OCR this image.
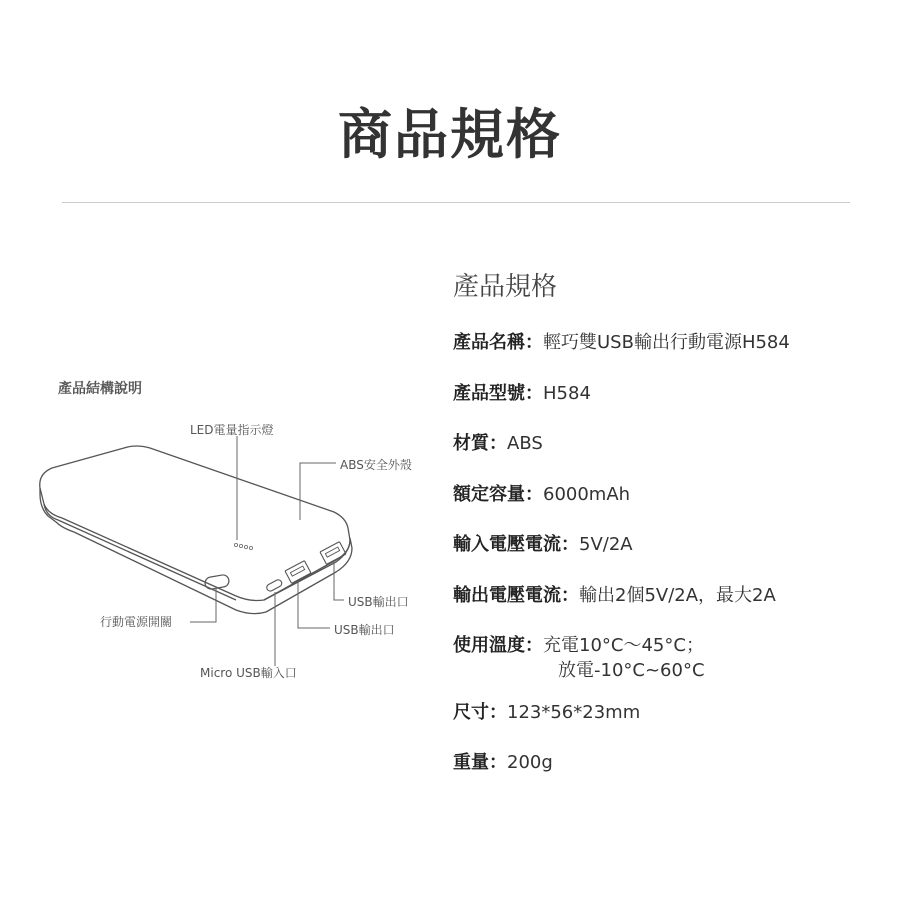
商品規格
產品結構說明
LED電量指示燈
ABS安全外殼
USB輸出口
USB輸出口
行動電源開關
Micro USB輸入口
產品規格
產品名稱：輕巧雙USB輸出行動電源H584
產品型號：H584
材質：ABS
額定容量：6000mAh
輸入電壓電流：5V/2A
輸出電壓電流：輸出2個5V/2A，最大2A
使用溫度：充電10°C～45°C；
放電-10°C~60°C
尺寸：123*56*23mm
重量：200g
